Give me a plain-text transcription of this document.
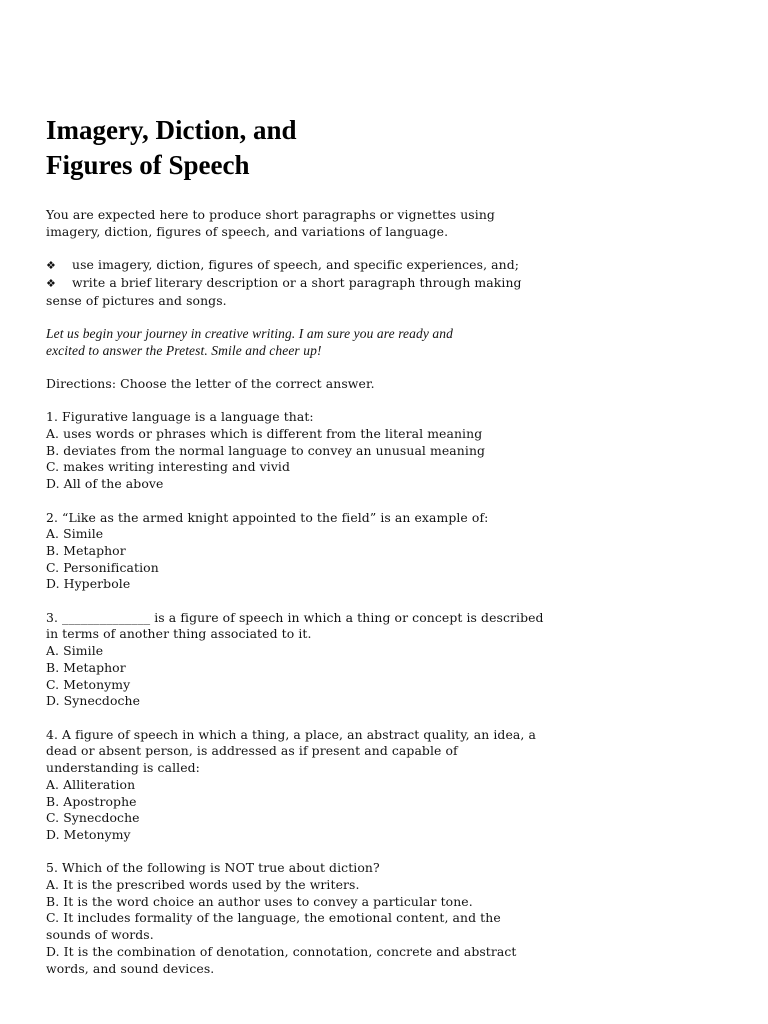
Imagery, Diction, and
Figures of Speech

You are expected here to produce short paragraphs or vignettes using

imagery, diction, figures of speech, and variations of language.

❖ use imagery, diction, figures of speech, and specific experiences, and;

❖ write a brief literary description or a short paragraph through making

sense of pictures and songs.

Let us begin your journey in creative writing. I am sure you are ready and

excited to answer the Pretest. Smile and cheer up!

Directions: Choose the letter of the correct answer.

1. Figurative language is a language that:

A. uses words or phrases which is different from the literal meaning

B. deviates from the normal language to convey an unusual meaning

C. makes writing interesting and vivid

D. All of the above

2. “Like as the armed knight appointed to the field” is an example of:

A. Simile

B. Metaphor

C. Personification

D. Hyperbole

3. ______________ is a figure of speech in which a thing or concept is described

in terms of another thing associated to it.

A. Simile

B. Metaphor

C. Metonymy

D. Synecdoche

4. A figure of speech in which a thing, a place, an abstract quality, an idea, a

dead or absent person, is addressed as if present and capable of

understanding is called:

A. Alliteration

B. Apostrophe

C. Synecdoche

D. Metonymy

5. Which of the following is NOT true about diction?

A. It is the prescribed words used by the writers.

B. It is the word choice an author uses to convey a particular tone.

C. It includes formality of the language, the emotional content, and the

sounds of words.

D. It is the combination of denotation, connotation, concrete and abstract

words, and sound devices.
